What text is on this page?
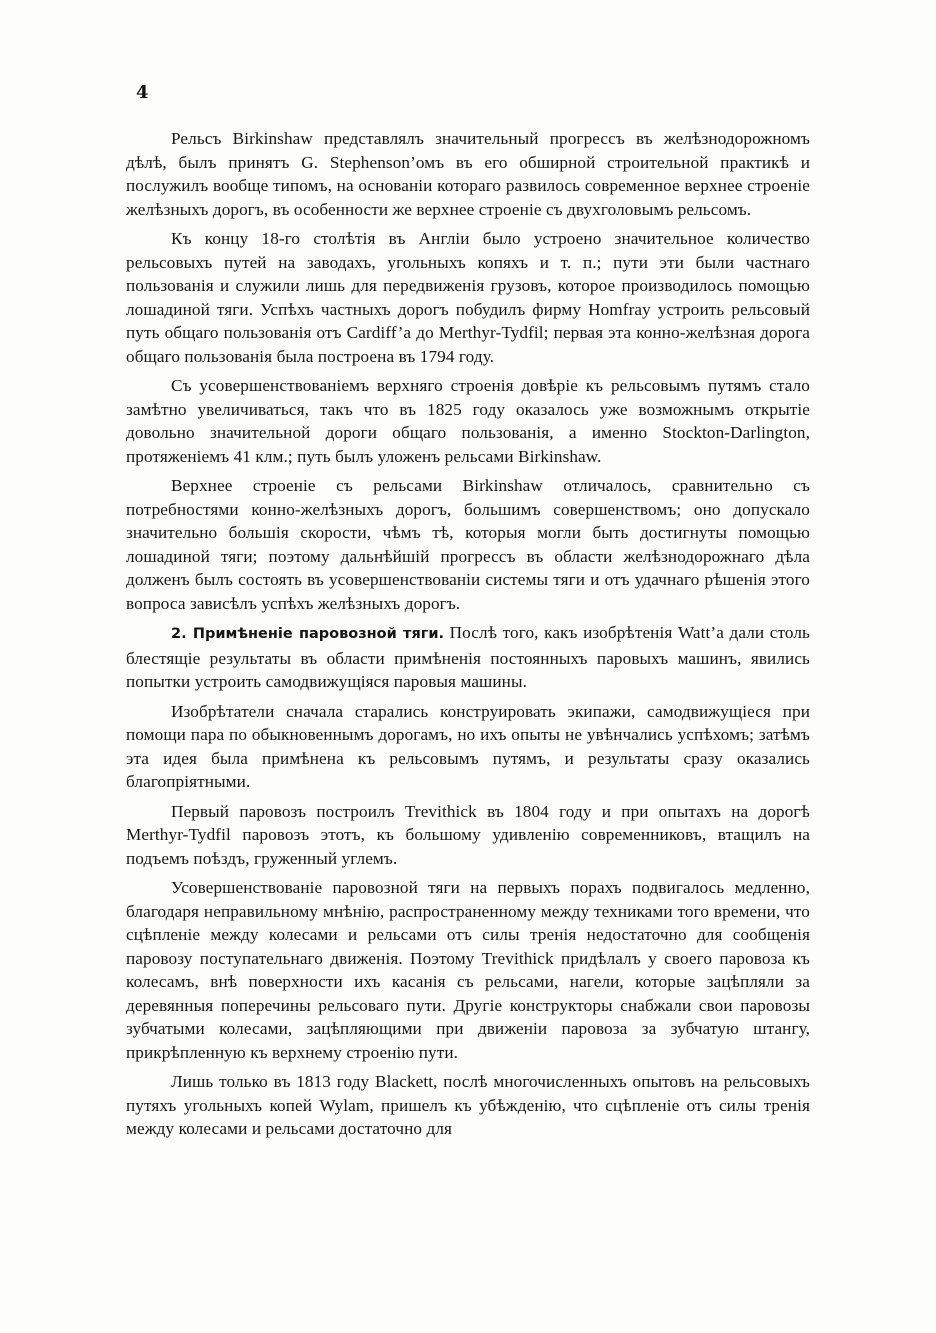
4

Рельсъ Birkinshaw представлялъ значительный прогрессъ въ желѣзнодорожномъ дѣлѣ, былъ принятъ G. Stephenson’омъ въ его обширной строительной практикѣ и послужилъ вообще типомъ, на основаніи котораго развилось современное верхнее строеніе желѣзныхъ дорогъ, въ особенности же верхнее строеніе съ двухголовымъ рельсомъ.

Къ концу 18-го столѣтія въ Англіи было устроено значительное количество рельсовыхъ путей на заводахъ, угольныхъ копяхъ и т. п.; пути эти были частнаго пользованія и служили лишь для передвиженія грузовъ, которое производилось помощью лошадиной тяги. Успѣхъ частныхъ дорогъ побудилъ фирму Homfray устроить рельсовый путь общаго пользованія отъ Cardiff’а до Merthyr-Tydfil; первая эта конно-желѣзная дорога общаго пользованія была построена въ 1794 году.

Съ усовершенствованіемъ верхняго строенія довѣріе къ рельсовымъ путямъ стало замѣтно увеличиваться, такъ что въ 1825 году оказалось уже возможнымъ открытіе довольно значительной дороги общаго пользованія, а именно Stockton-Darlington, протяженіемъ 41 клм.; путь былъ уложенъ рельсами Birkinshaw.

Верхнее строеніе съ рельсами Birkinshaw отличалось, сравнительно съ потребностями конно-желѣзныхъ дорогъ, большимъ совершенствомъ; оно допускало значительно большія скорости, чѣмъ тѣ, которыя могли быть достигнуты помощью лошадиной тяги; поэтому дальнѣйшій прогрессъ въ области желѣзнодорожнаго дѣла долженъ былъ состоять въ усовершенствованіи системы тяги и отъ удачнаго рѣшенія этого вопроса зависѣлъ успѣхъ желѣзныхъ дорогъ.

2. Примѣненіе паровозной тяги. Послѣ того, какъ изобрѣтенія Watt’а дали столь блестящіе результаты въ области примѣненія постоянныхъ паровыхъ машинъ, явились попытки устроить самодвижущіяся паровыя машины.

Изобрѣтатели сначала старались конструировать экипажи, самодвижущіеся при помощи пара по обыкновеннымъ дорогамъ, но ихъ опыты не увѣнчались успѣхомъ; затѣмъ эта идея была примѣнена къ рельсовымъ путямъ, и результаты сразу оказались благопріятными.

Первый паровозъ построилъ Trevithick въ 1804 году и при опытахъ на дорогѣ Merthyr-Tydfil паровозъ этотъ, къ большому удивленію современниковъ, втащилъ на подъемъ поѣздъ, груженный углемъ.

Усовершенствованіе паровозной тяги на первыхъ порахъ подвигалось медленно, благодаря неправильному мнѣнію, распространенному между техниками того времени, что сцѣпленіе между колесами и рельсами отъ силы тренія недостаточно для сообщенія паровозу поступательнаго движенія. Поэтому Trevithick придѣлалъ у своего паровоза къ колесамъ, внѣ поверхности ихъ касанія съ рельсами, нагели, которые зацѣпляли за деревянныя поперечины рельсоваго пути. Другіе конструкторы снабжали свои паровозы зубчатыми колесами, зацѣпляющими при движеніи паровоза за зубчатую штангу, прикрѣпленную къ верхнему строенію пути.

Лишь только въ 1813 году Blackett, послѣ многочисленныхъ опытовъ на рельсовыхъ путяхъ угольныхъ копей Wylam, пришелъ къ убѣжденію, что сцѣпленіе отъ силы тренія между колесами и рельсами достаточно для
